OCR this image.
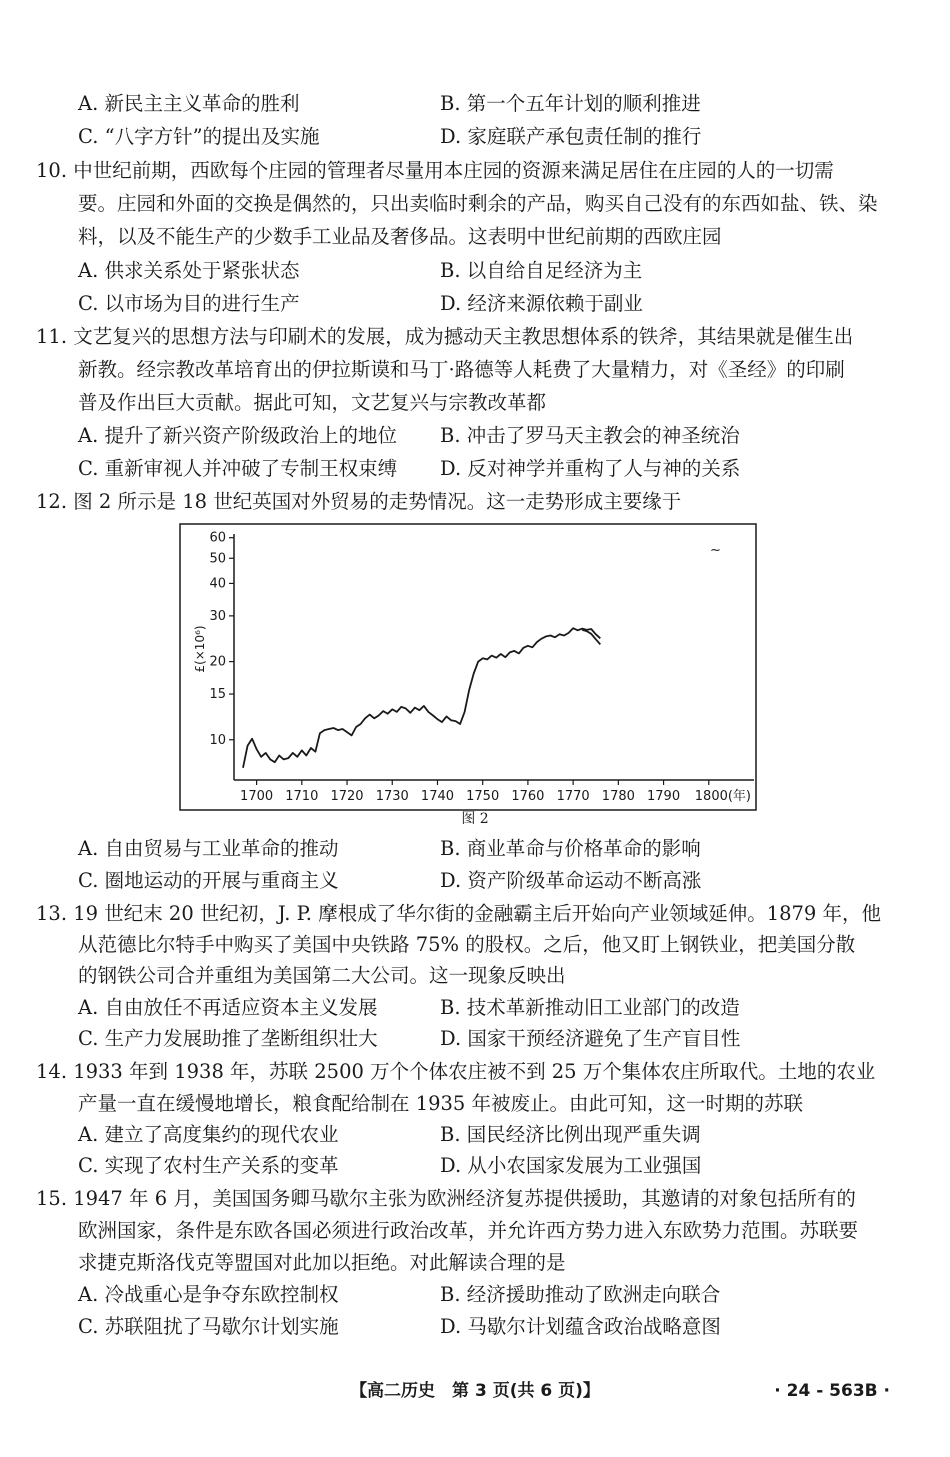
A. 新民主主义革命的胜利	B. 第一个五年计划的顺利推进
C. “八字方针”的提出及实施	D. 家庭联产承包责任制的推行
10. 中世纪前期，西欧每个庄园的管理者尽量用本庄园的资源来满足居住在庄园的人的一切需
要。庄园和外面的交换是偶然的，只出卖临时剩余的产品，购买自己没有的东西如盐、铁、染
料，以及不能生产的少数手工业品及奢侈品。这表明中世纪前期的西欧庄园
A. 供求关系处于紧张状态	B. 以自给自足经济为主
C. 以市场为目的进行生产	D. 经济来源依赖于副业
11. 文艺复兴的思想方法与印刷术的发展，成为撼动天主教思想体系的铁斧，其结果就是催生出
新教。经宗教改革培育出的伊拉斯谟和马丁·路德等人耗费了大量精力，对《圣经》的印刷
普及作出巨大贡献。据此可知，文艺复兴与宗教改革都
A. 提升了新兴资产阶级政治上的地位 B. 冲击了罗马天主教会的神圣统治
C. 重新审视人并冲破了专制王权束缚 D. 反对神学并重构了人与神的关系
12. 图 2 所示是 18 世纪英国对外贸易的走势情况。这一走势形成主要缘于
10
15
20
30
40
50
60
1700 1710 1720 1730 1740 1750 1760 1770 1780 1790 1800(年)
£(×10⁶)
~
图 2
A. 自由贸易与工业革命的推动	B. 商业革命与价格革命的影响
C. 圈地运动的开展与重商主义	D. 资产阶级革命运动不断高涨
13. 19 世纪末 20 世纪初，J. P. 摩根成了华尔街的金融霸主后开始向产业领域延伸。1879 年，他
从范德比尔特手中购买了美国中央铁路 75% 的股权。之后，他又盯上钢铁业，把美国分散
的钢铁公司合并重组为美国第二大公司。这一现象反映出
A. 自由放任不再适应资本主义发展	B. 技术革新推动旧工业部门的改造
C. 生产力发展助推了垄断组织壮大	D. 国家干预经济避免了生产盲目性
14. 1933 年到 1938 年，苏联 2500 万个个体农庄被不到 25 万个集体农庄所取代。土地的农业
产量一直在缓慢地增长，粮食配给制在 1935 年被废止。由此可知，这一时期的苏联
A. 建立了高度集约的现代农业	B. 国民经济比例出现严重失调
C. 实现了农村生产关系的变革	D. 从小农国家发展为工业强国
15. 1947 年 6 月，美国国务卿马歇尔主张为欧洲经济复苏提供援助，其邀请的对象包括所有的
欧洲国家，条件是东欧各国必须进行政治改革，并允许西方势力进入东欧势力范围。苏联要
求捷克斯洛伐克等盟国对此加以拒绝。对此解读合理的是
A. 冷战重心是争夺东欧控制权	B. 经济援助推动了欧洲走向联合
C. 苏联阻扰了马歇尔计划实施	D. 马歇尔计划蕴含政治战略意图
【高二历史　第 3 页(共 6 页)】	· 24 - 563B ·
